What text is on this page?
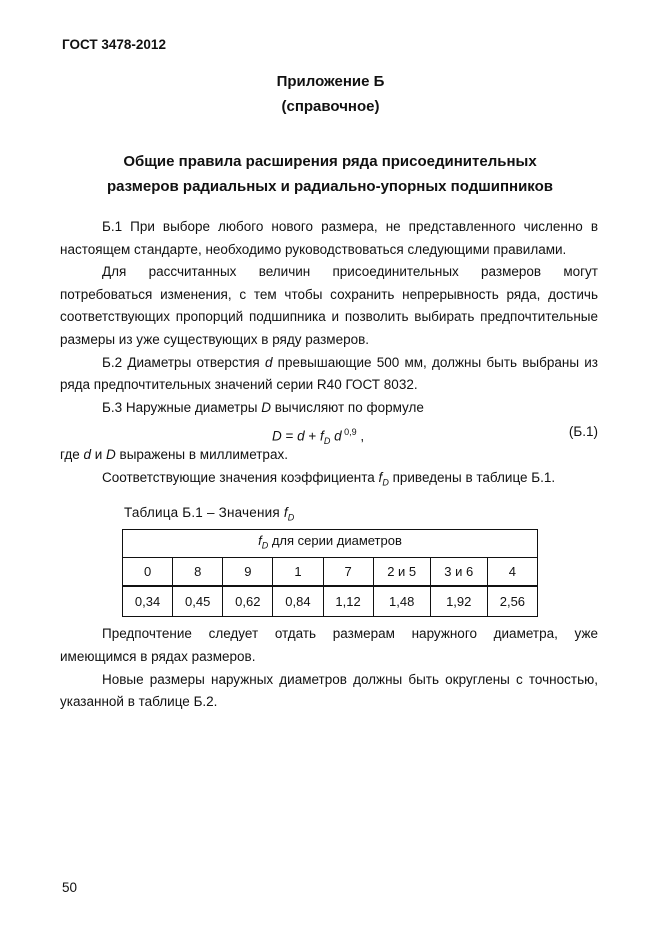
ГОСТ 3478-2012
Приложение Б
(справочное)
Общие правила расширения ряда присоединительных
размеров радиальных и радиально-упорных подшипников

Б.1 При выборе любого нового размера, не представленного численно в настоящем стандарте, необходимо руководствоваться следующими правилами.

Для рассчитанных величин присоединительных размеров могут потребоваться изменения, с тем чтобы сохранить непрерывность ряда, достичь соответствующих пропорций подшипника и позволить выбирать предпочтительные размеры из уже существующих в ряду размеров.

Б.2 Диаметры отверстия d превышающие 500 мм, должны быть выбраны из ряда предпочтительных значений серии R40 ГОСТ 8032.

Б.3 Наружные диаметры D вычисляют по формуле

$D = d + f_D$ d $^{0,9}$ ,	(Б.1)

где d и D выражены в миллиметрах.

Соответствующие значения коэффициента $f_D$ приведены в таблице Б.1.

Таблица Б.1 – Значения $f_D$
$f_D$ для серии диаметров							
0	8	9	1	7	2 и 5	3 и 6	4
0,34	0,45	0,62	0,84	1,12	1,48	1,92	2,56

Предпочтение следует отдать размерам наружного диаметра, уже имеющимся в рядах размеров.

Новые размеры наружных диаметров должны быть округлены с точностью, указанной в таблице Б.2.

50
